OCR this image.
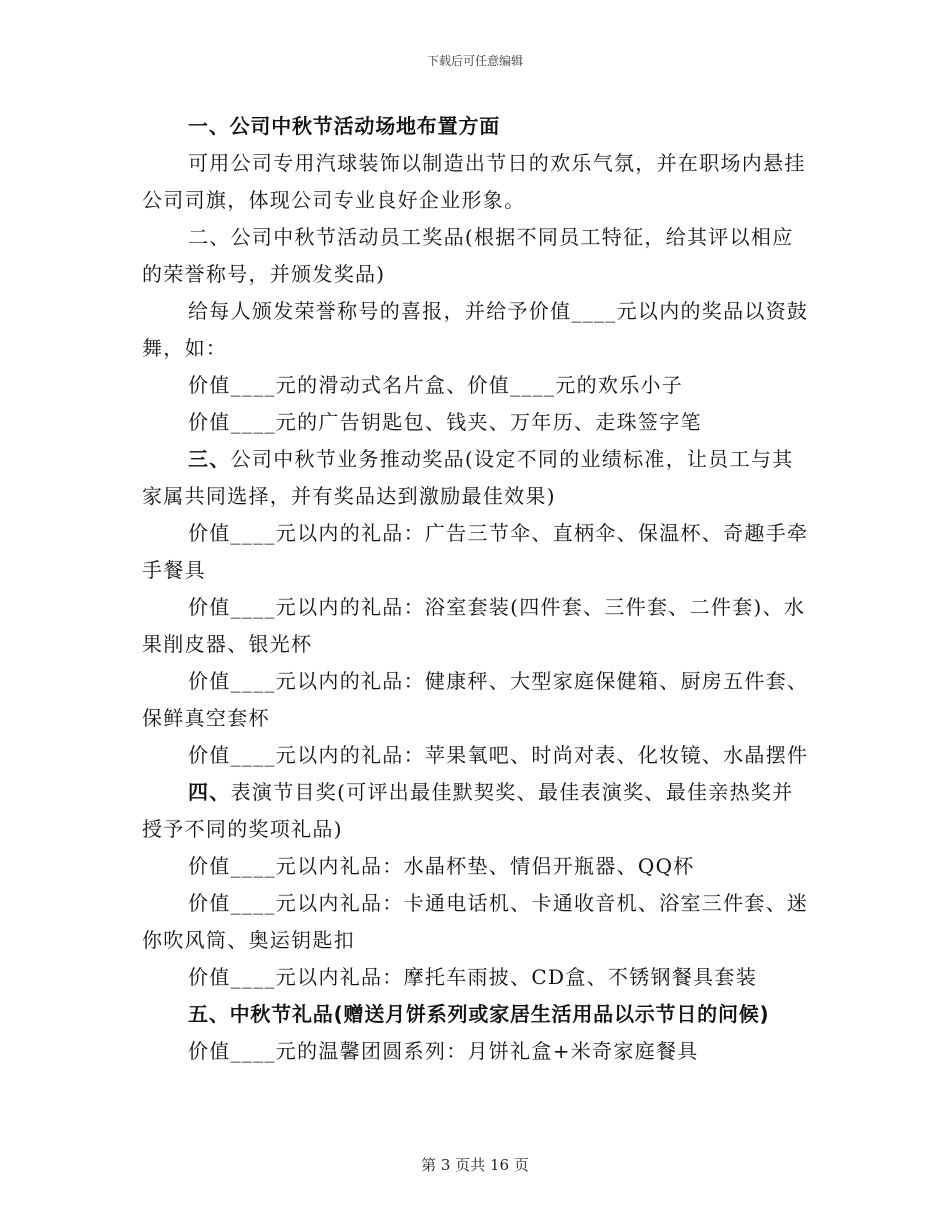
下载后可任意编辑

一、公司中秋节活动场地布置方面

可用公司专用汽球装饰以制造出节日的欢乐气氛，并在职场内悬挂公司司旗，体现公司专业良好企业形象。

二、公司中秋节活动员工奖品(根据不同员工特征，给其评以相应的荣誉称号，并颁发奖品)

给每人颁发荣誉称号的喜报，并给予价值____元以内的奖品以资鼓舞，如：

价值____元的滑动式名片盒、价值____元的欢乐小子

价值____元的广告钥匙包、钱夹、万年历、走珠签字笔

三、公司中秋节业务推动奖品(设定不同的业绩标准，让员工与其家属共同选择，并有奖品达到激励最佳效果)

价值____元以内的礼品：广告三节伞、直柄伞、保温杯、奇趣手牵手餐具

价值____元以内的礼品：浴室套装(四件套、三件套、二件套)、水果削皮器、银光杯

价值____元以内的礼品：健康秤、大型家庭保健箱、厨房五件套、保鲜真空套杯

价值____元以内的礼品：苹果氧吧、时尚对表、化妆镜、水晶摆件

四、表演节目奖(可评出最佳默契奖、最佳表演奖、最佳亲热奖并授予不同的奖项礼品)

价值____元以内礼品：水晶杯垫、情侣开瓶器、QQ杯

价值____元以内礼品：卡通电话机、卡通收音机、浴室三件套、迷你吹风筒、奥运钥匙扣

价值____元以内礼品：摩托车雨披、CD盒、不锈钢餐具套装

五、中秋节礼品(赠送月饼系列或家居生活用品以示节日的问候)

价值____元的温馨团圆系列：月饼礼盒+米奇家庭餐具

第 3 页共 16 页
